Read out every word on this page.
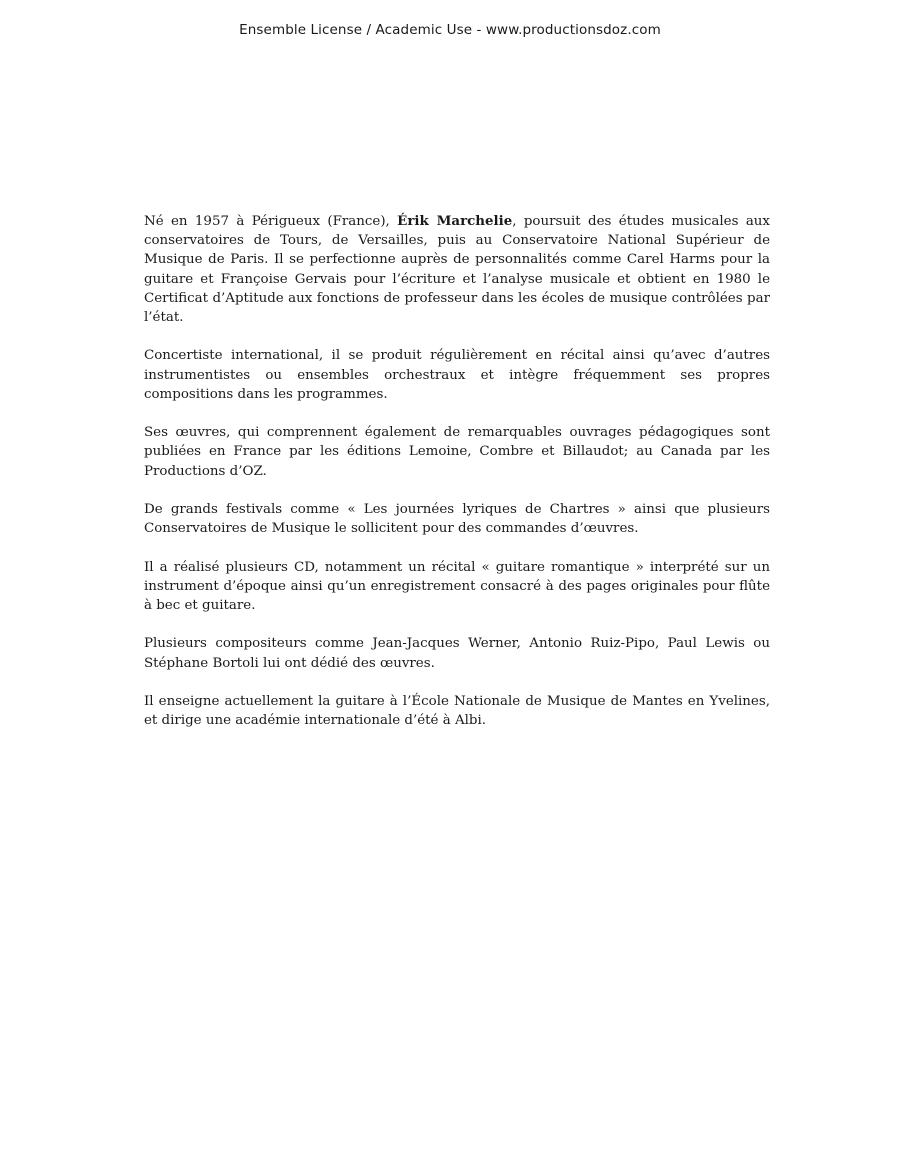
Ensemble License / Academic Use - www.productionsdoz.com

Né en 1957 à Périgueux (France), Érik Marchelie, poursuit des études musicales aux conservatoires de Tours, de Versailles, puis au Conservatoire National Supérieur de Musique de Paris. Il se perfectionne auprès de personnalités comme Carel Harms pour la guitare et Françoise Gervais pour l’écriture et l’analyse musicale et obtient en 1980 le Certificat d’Aptitude aux fonctions de professeur dans les écoles de musique contrôlées par l’état.

Concertiste international, il se produit régulièrement en récital ainsi qu’avec d’autres instrumentistes ou ensembles orchestraux et intègre fréquemment ses propres compositions dans les programmes.

Ses œuvres, qui comprennent également de remarquables ouvrages pédagogiques sont publiées en France par les éditions Lemoine, Combre et Billaudot; au Canada par les Productions d’OZ.

De grands festivals comme « Les journées lyriques de Chartres » ainsi que plusieurs Conservatoires de Musique le sollicitent pour des commandes d’œuvres.

Il a réalisé plusieurs CD, notamment un récital « guitare romantique » interprété sur un instrument d’époque ainsi qu’un enregistrement consacré à des pages originales pour flûte à bec et guitare.

Plusieurs compositeurs comme Jean-Jacques Werner, Antonio Ruiz-Pipo, Paul Lewis ou Stéphane Bortoli lui ont dédié des œuvres.

Il enseigne actuellement la guitare à l’École Nationale de Musique de Mantes en Yvelines, et dirige une académie internationale d’été à Albi.
